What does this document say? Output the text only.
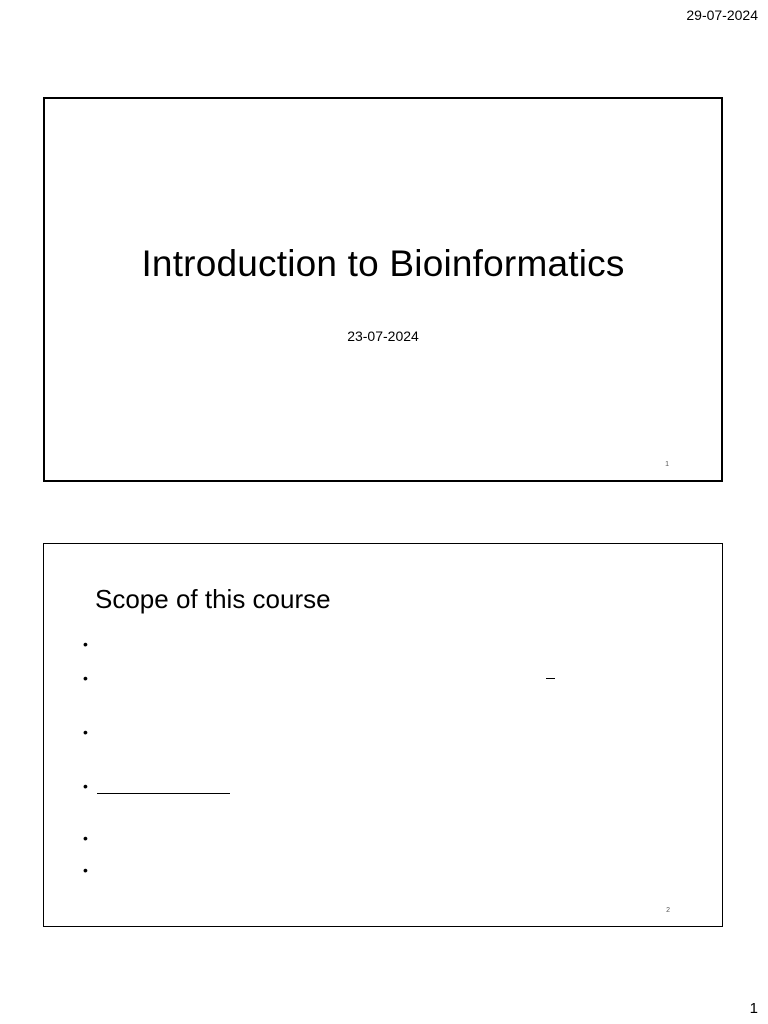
29-07-2024
Introduction to Bioinformatics
23-07-2024
1
Scope of this course
•
•
•
•
•
•
2
1
